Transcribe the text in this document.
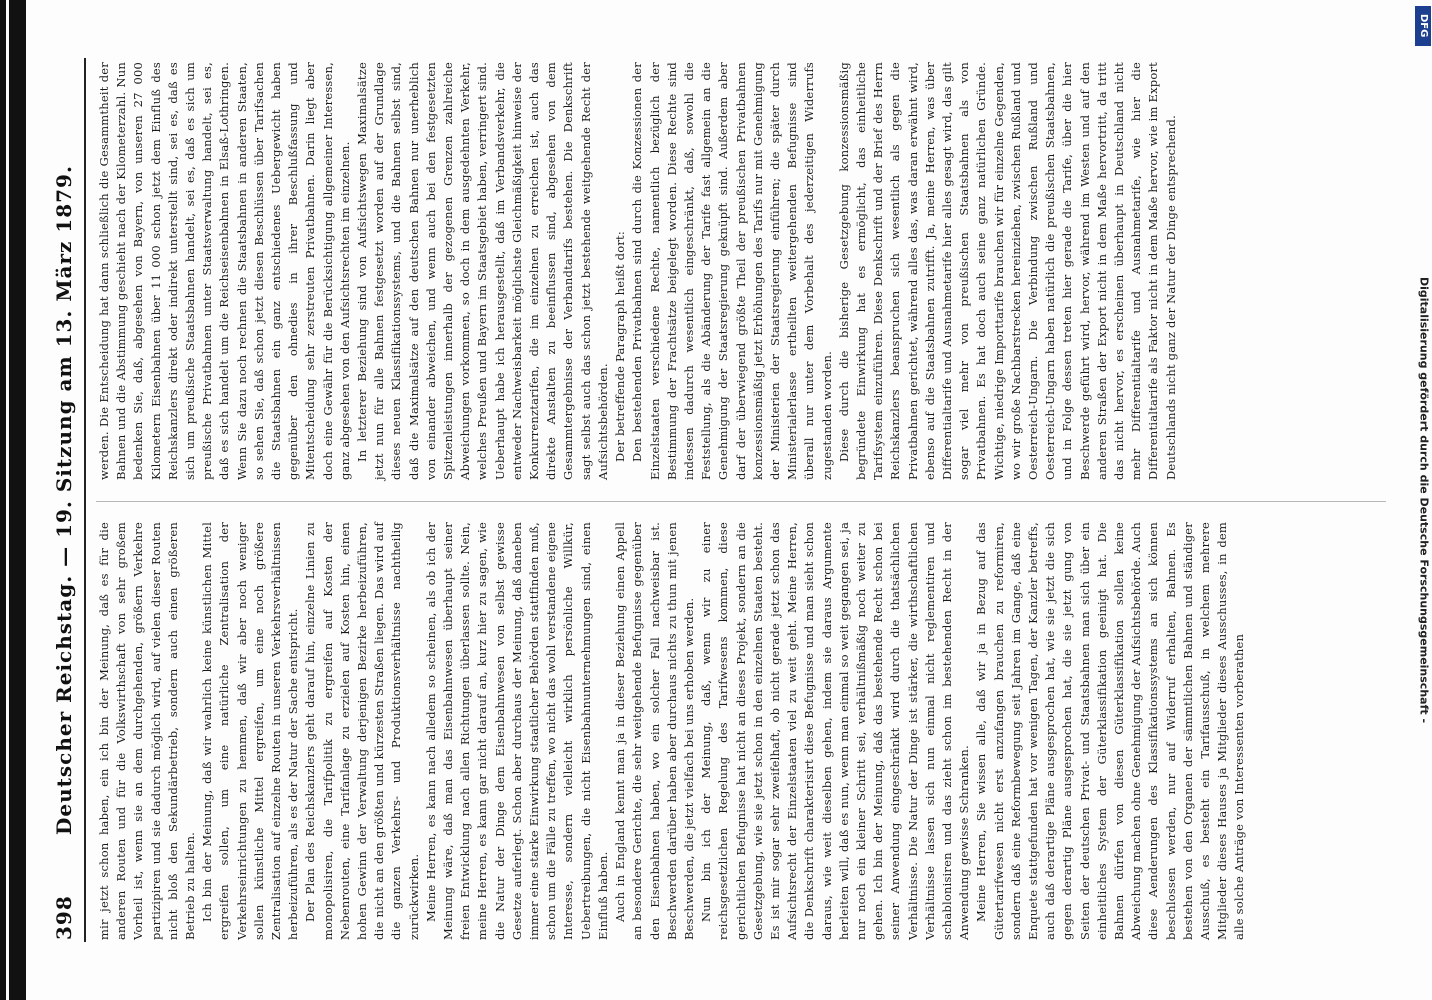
398
Deutscher Reichstag. — 19. Sitzung am 13. März 1879. mir jetzt schon haben, ein ich bin der Meinung, daß es für die anderen Routen und für die Volkswirthschaft von sehr großem Vorheil ist, wenn sie an dem durchgehenden, größern Verkehre partizipiren und sie dadurch möglich wird, auf vielen dieser Routen nicht bloß den Sekundärbetrieb, sondern auch einen größeren Betrieb zu halten. Ich bin der Meinung, daß wir wahrlich keine künstlichen Mittel ergreifen sollen, um eine natürliche Zentralisation der Verkehrseinrichtungen zu hemmen, daß wir aber noch weniger sollen künstliche Mittel ergreifen, um eine noch größere Zentralisation auf einzelne Routen in unseren Verkehrsverhältnissen herbeizuführen, als es der Natur der Sache entspricht. Der Plan des Reichskanzlers geht darauf hin, einzelne Linien zu monopolisiren, die Tarifpolitik zu ergreifen auf Kosten der Nebenrouten, eine Tarifanlage zu erzielen auf Kosten hin, einen hohen Gewinn der Verwaltung derjenigen Bezirke herbeizuführen, die nicht an den größten und kürzesten Straßen liegen. Das wird auf die ganzen Verkehrs- und Produktionsverhältnisse nachtheilig zurückwirken. Meine Herren, es kann nach alledem so scheinen, als ob ich der Meinung wäre, daß man das Eisenbahnwesen überhaupt seiner freien Entwicklung nach allen Richtungen überlassen sollte. Nein, meine Herren, es kann gar nicht darauf an, kurz hier zu sagen, wie die Natur der Dinge dem Eisenbahnwesen von selbst gewisse Gesetze auferlegt. Schon aber durchaus der Meinung, daß daneben immer eine starke Einwirkung staatlicher Behörden stattfinden muß, schon um die Fälle zu treffen, wo nicht das wohl verstandene eigene Interesse, sondern vielleicht wirklich persönliche Willkür, Uebertreibungen, die nicht Eisenbahnunternehmungen sind, einen Einfluß haben. Auch in England kennt man ja in dieser Beziehung einen Appell an besondere Gerichte, die sehr weitgehende Befugnisse gegenüber den Eisenbahnen haben, wo ein solcher Fall nachweisbar ist. Beschwerden darüber haben aber durchaus nichts zu thun mit jenen Beschwerden, die jetzt vielfach bei uns erhoben werden. Nun bin ich der Meinung, daß, wenn wir zu einer reichsgesetzlichen Regelung des Tarifwesens kommen, diese gerichtlichen Befugnisse hat nicht an dieses Projekt, sondern an die Gesetzgebung, wie sie jetzt schon in den einzelnen Staaten besteht. Es ist mir sogar sehr zweifelhaft, ob nicht gerade jetzt schon das Aufsichtsrecht der Einzelstaaten viel zu weit geht. Meine Herren, die Denkschrift charakterisirt diese Befugnisse und man sieht schon daraus, wie weit dieselben gehen, indem sie daraus Argumente herleiten will, daß es nun, wenn man einmal so weit gegangen sei, ja nur noch ein kleiner Schritt sei, verhältnißmäßig noch weiter zu gehen. Ich bin der Meinung, daß das bestehende Recht schon bei seiner Anwendung eingeschränkt wird durch die thatsächlichen Verhältnisse. Die Natur der Dinge ist stärker, die wirthschaftlichen Verhältnisse lassen sich nun einmal nicht reglementiren und schablonisiren und das zieht schon im bestehenden Recht in der Anwendung gewisse Schranken. Meine Herren, Sie wissen alle, daß wir ja in Bezug auf das Gütertarifwesen nicht erst anzufangen brauchen zu reformiren, sondern daß eine Reformbewegung seit Jahren im Gange, daß eine Enquete stattgefunden hat vor wenigen Tagen, der Kanzler betreffs, auch daß derartige Pläne ausgesprochen hat, wie sie jetzt die sich gegen derartig Pläne ausgesprochen hat, die sie jetzt gung von Seiten der deutschen Privat- und Staatsbahnen man sich über ein einheitliches System der Güterklassifikation geeinigt hat. Die Bahnen dürfen von diesen Güterklassifikation sollen keine Abweichung machen ohne Genehmigung der Aufsichtsbehörde. Auch diese Aenderungen des Klassifikationssystems an sich können beschlossen werden, nur auf Widerruf erhalten, Bahnen. Es bestehen von den Organen der sämmtlichen Bahnen und ständiger Ausschuß, es besteht ein Tarifausschuß, in welchem mehrere Mitglieder dieses Hauses ja Mitglieder dieses Ausschusses, in dem alle solche Anträge von Interessenten vorberathen

werden. Die Entscheidung hat dann schließlich die Gesammtheit der Bahnen und die Abstimmung geschieht nach der Kilometerzahl. Nun bedenken Sie, daß, abgesehen von Bayern, von unseren 27 000 Kilometern Eisenbahnen über 11 000 schon jetzt dem Einfluß des Reichskanzlers direkt oder indirekt unterstellt sind, sei es, daß es sich um preußische Staatsbahnen handelt, sei es, daß es sich um preußische Privatbahnen unter Staatsverwaltung handelt, sei es, daß es sich handelt um die Reichseisenbahnen in Elsaß-Lothringen. Wenn Sie dazu noch rechnen die Staatsbahnen in anderen Staaten, so sehen Sie, daß schon jetzt diesen Beschlüssen über Tarifsachen die Staatsbahnen ein ganz entschiedenes Uebergewicht haben gegenüber den ohnedies in ihrer Beschlußfassung und Mitentscheidung sehr zerstreuten Privatbahnen. Darin liegt aber doch eine Gewähr für die Berücksichtigung allgemeiner Interessen, ganz abgesehen von den Aufsichtsrechten im einzelnen. In letzterer Beziehung sind von Aufsichtswegen Maximalsätze jetzt nun für alle Bahnen festgesetzt worden auf der Grundlage dieses neuen Klassifikationssystems, und die Bahnen selbst sind, daß die Maximalsätze auf den deutschen Bahnen nur unerheblich von einander abweichen, und wenn auch bei den festgesetzten Spitzenleistungen innerhalb der gezogenen Grenzen zahlreiche Abweichungen vorkommen, so doch in dem ausgedehnten Verkehr, welches Preußen und Bayern im Staatsgebiet haben, verringert sind. Ueberhaupt habe ich herausgestellt, daß im Verbandsverkehr, die entweder Nachweisbarkeit möglichste Gleichmäßigkeit hinweise der Konkurrenztarifen, die im einzelnen zu erreichen ist, auch das direkte Anstalten zu beeinflussen sind, abgesehen von dem Gesammtergebnisse der Verbandtarifs bestehen. Die Denkschrift sagt selbst auch das schon jetzt bestehende weitgehende Recht der Aufsichtsbehörden. Der betreffende Paragraph heißt dort: Den bestehenden Privatbahnen sind durch die Konzessionen der Einzelstaaten verschiedene Rechte, namentlich bezüglich der Bestimmung der Frachtsätze beigelegt worden. Diese Rechte sind indessen dadurch wesentlich eingeschränkt, daß, sowohl die Feststellung, als die Abänderung der Tarife fast allgemein an die Genehmigung der Staatsregierung geknüpft sind. Außerdem aber darf der überwiegend größte Theil der preußischen Privatbahnen konzessionsmäßig jetzt Erhöhungen des Tarifs nur mit Genehmigung der Ministerien der Staatsregierung einführen; die später durch Ministerialerlasse ertheilten weitergehenden Befugnisse sind überall nur unter dem Vorbehalt des jederzeitigen Widerrufs zugestanden worden. Diese durch die bisherige Gesetzgebung konzessionsmäßig begründete Einwirkung hat es ermöglicht, das einheitliche Tarifsystem einzuführen. Diese Denkschrift und der Brief des Herrn Reichskanzlers beanspruchen sich wesentlich als gegen die Privatbahnen gerichtet, während alles das, was daran erwähnt wird, ebenso auf die Staatsbahnen zutrifft. Ja, meine Herren, was über Differentialtarife und Ausnahmetarife hier alles gesagt wird, das gilt sogar viel mehr von preußischen Staatsbahnen als von Privatbahnen. Es hat doch auch seine ganz natürlichen Gründe. Wichtige, niedrige Importtarife brauchen wir für einzelne Gegenden, wo wir große Nachbarstrecken hereinziehen, zwischen Rußland und Oesterreich-Ungarn. Die Verbindung zwischen Rußland und Oesterreich-Ungarn haben natürlich die preußischen Staatsbahnen, und in Folge dessen treten hier gerade die Tarife, über die hier Beschwerde geführt wird, hervor, während im Westen und auf den anderen Straßen der Export nicht in dem Maße hervortritt, da tritt das nicht hervor, es erscheinen überhaupt in Deutschland nicht mehr Differentialtarife und Ausnahmetarife, wie hier die Differentialtarife als Faktor nicht in dem Maße hervor, wie im Export Deutschlands nicht ganz der Natur der Dinge entsprechend.

DFG
Digitalisierung gefördert durch die Deutsche Forschungsgemeinschaft -
